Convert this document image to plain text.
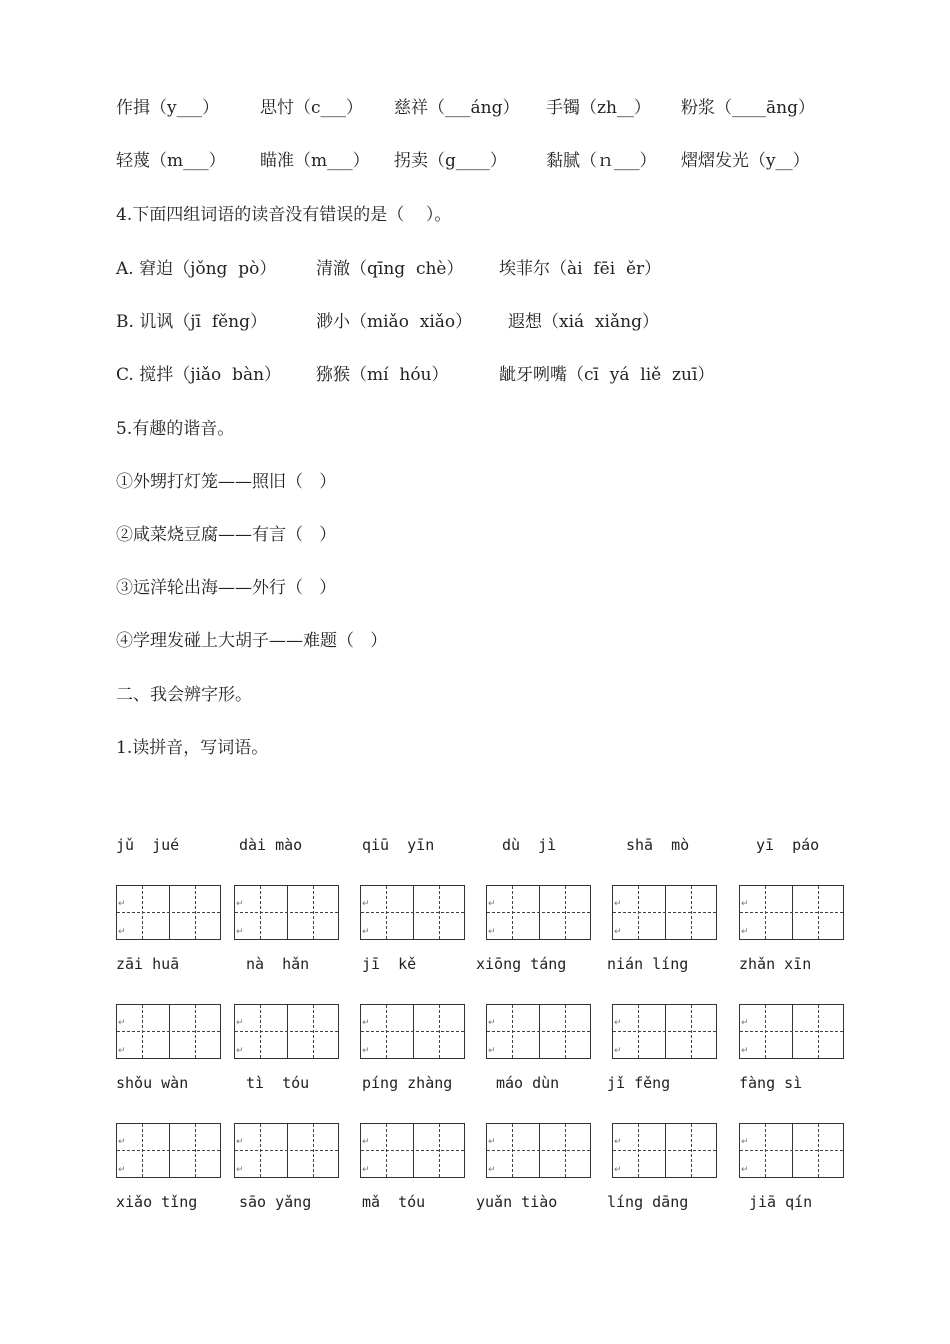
作揖（y___） 思忖（c___） 慈祥（___áng） 手镯（zh__） 粉浆（____āng）
轻蔑（m___） 瞄准（m___） 拐卖（g____） 黏腻（ｎ___） 熠熠发光（y__）
4.下面四组词语的读音没有错误的是（    ）。
A. 窘迫（jǒng  pò） 清澈（qīng  chè） 埃菲尔（ài  fēi  ěr）
B. 讥讽（jī  fěng）	渺小（miǎo  xiǎo） 遐想（xiá  xiǎng）
C. 搅拌（jiǎo  bàn） 猕猴（mí  hóu）	龇牙咧嘴（cī  yá  liě  zuī）
5.有趣的谐音。
①外甥打灯笼——照旧（   ）
②咸菜烧豆腐——有言（   ）
③远洋轮出海——外行（   ）
④学理发碰上大胡子——难题（   ）
二、我会辨字形。
1.读拼音，写词语。
jǔ  jué	dài mào	qiū  yīn	dù  jì	shā  mò	yī  páo
zāi huā	nà  hǎn	jī  kě	xiōng táng	nián líng	zhǎn xīn
shǒu wàn	tì  tóu	píng zhàng	máo dùn	jǐ fěng	fàng sì
xiǎo tǐng	sāo yǎng	mǎ  tóu	yuǎn tiào	líng dāng	jiā qín
↵
↵
↵
↵
↵
↵
↵
↵
↵
↵
↵
↵
↵
↵
↵
↵
↵
↵
↵
↵
↵
↵
↵
↵
↵
↵
↵
↵
↵
↵
↵
↵
↵
↵
↵
↵
